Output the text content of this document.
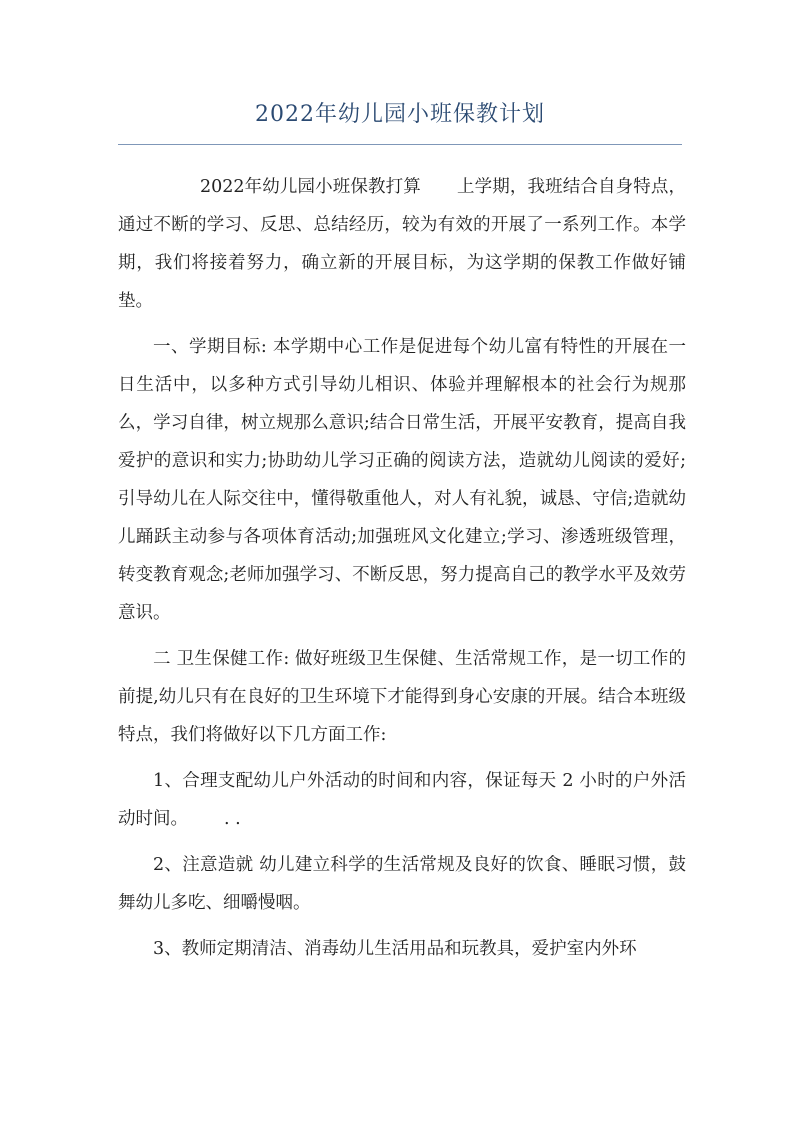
2022年幼儿园小班保教计划

2022年幼儿园小班保教打算 上学期，我班结合自身特点，通过不断的学习、反思、总结经历，较为有效的开展了一系列工作。本学期，我们将接着努力，确立新的开展目标，为这学期的保教工作做好铺垫。

一、学期目标: 本学期中心工作是促进每个幼儿富有特性的开展在一日生活中，以多种方式引导幼儿相识、体验并理解根本的社会行为规那么，学习自律，树立规那么意识;结合日常生活，开展平安教育，提高自我爱护的意识和实力;协助幼儿学习正确的阅读方法，造就幼儿阅读的爱好;引导幼儿在人际交往中，懂得敬重他人，对人有礼貌，诚恳、守信;造就幼儿踊跃主动参与各项体育活动;加强班风文化建立;学习、渗透班级管理，转变教育观念;老师加强学习、不断反思，努力提高自己的教学水平及效劳意识。

二 卫生保健工作: 做好班级卫生保健、生活常规工作，是一切工作的前提,幼儿只有在良好的卫生环境下才能得到身心安康的开展。结合本班级特点，我们将做好以下几方面工作:

1、合理支配幼儿户外活动的时间和内容，保证每天 2 小时的户外活动时间。 . .

2、注意造就 幼儿建立科学的生活常规及良好的饮食、睡眠习惯，鼓舞幼儿多吃、细嚼慢咽。

3、教师定期清洁、消毒幼儿生活用品和玩教具，爱护室内外环
